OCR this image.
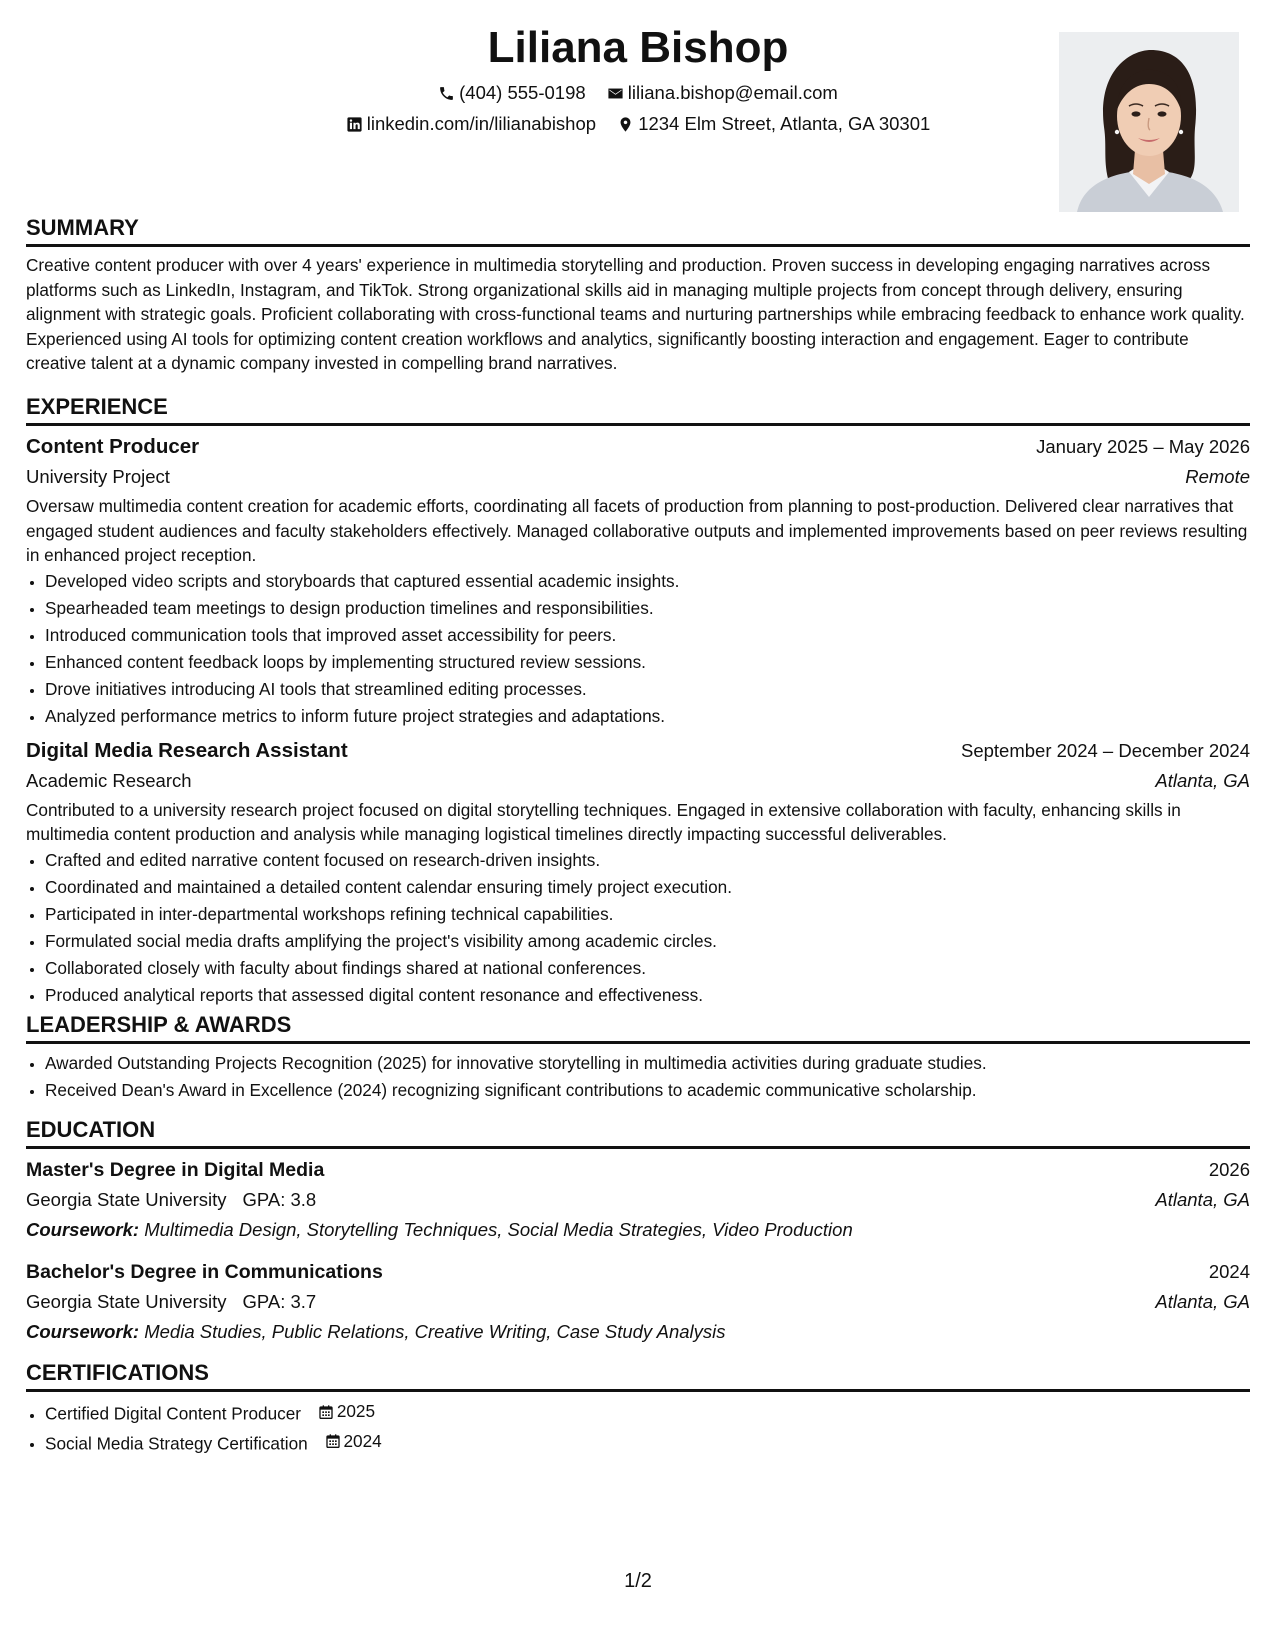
Liliana Bishop
(404) 555-0198
liliana.bishop@email.com
linkedin.com/in/lilianabishop
1234 Elm Street, Atlanta, GA 30301
SUMMARY

Creative content producer with over 4 years' experience in multimedia storytelling and production. Proven success in developing engaging narratives across platforms such as LinkedIn, Instagram, and TikTok. Strong organizational skills aid in managing multiple projects from concept through delivery, ensuring alignment with strategic goals. Proficient collaborating with cross-functional teams and nurturing partnerships while embracing feedback to enhance work quality. Experienced using AI tools for optimizing content creation workflows and analytics, significantly boosting interaction and engagement. Eager to contribute creative talent at a dynamic company invested in compelling brand narratives.

EXPERIENCE
Content Producer	January 2025 – May 2026
University Project	Remote

Oversaw multimedia content creation for academic efforts, coordinating all facets of production from planning to post-production. Delivered clear narratives that engaged student audiences and faculty stakeholders effectively. Managed collaborative outputs and implemented improvements based on peer reviews resulting in enhanced project reception.

• Developed video scripts and storyboards that captured essential academic insights.
• Spearheaded team meetings to design production timelines and responsibilities.
• Introduced communication tools that improved asset accessibility for peers.
• Enhanced content feedback loops by implementing structured review sessions.
• Drove initiatives introducing AI tools that streamlined editing processes.
• Analyzed performance metrics to inform future project strategies and adaptations.
Digital Media Research Assistant	September 2024 – December 2024
Academic Research	Atlanta, GA

Contributed to a university research project focused on digital storytelling techniques. Engaged in extensive collaboration with faculty, enhancing skills in multimedia content production and analysis while managing logistical timelines directly impacting successful deliverables.

• Crafted and edited narrative content focused on research-driven insights.
• Coordinated and maintained a detailed content calendar ensuring timely project execution.
• Participated in inter-departmental workshops refining technical capabilities.
• Formulated social media drafts amplifying the project's visibility among academic circles.
• Collaborated closely with faculty about findings shared at national conferences.
• Produced analytical reports that assessed digital content resonance and effectiveness.
LEADERSHIP & AWARDS
• Awarded Outstanding Projects Recognition (2025) for innovative storytelling in multimedia activities during graduate studies.
• Received Dean's Award in Excellence (2024) recognizing significant contributions to academic communicative scholarship.
EDUCATION
Master's Degree in Digital Media	2026
Georgia State University GPA: 3.8	Atlanta, GA
Coursework: Multimedia Design, Storytelling Techniques, Social Media Strategies, Video Production
Bachelor's Degree in Communications	2024
Georgia State University GPA: 3.7	Atlanta, GA
Coursework: Media Studies, Public Relations, Creative Writing, Case Study Analysis
CERTIFICATIONS
• Certified Digital Content Producer 2025
• Social Media Strategy Certification 2024
1/2
